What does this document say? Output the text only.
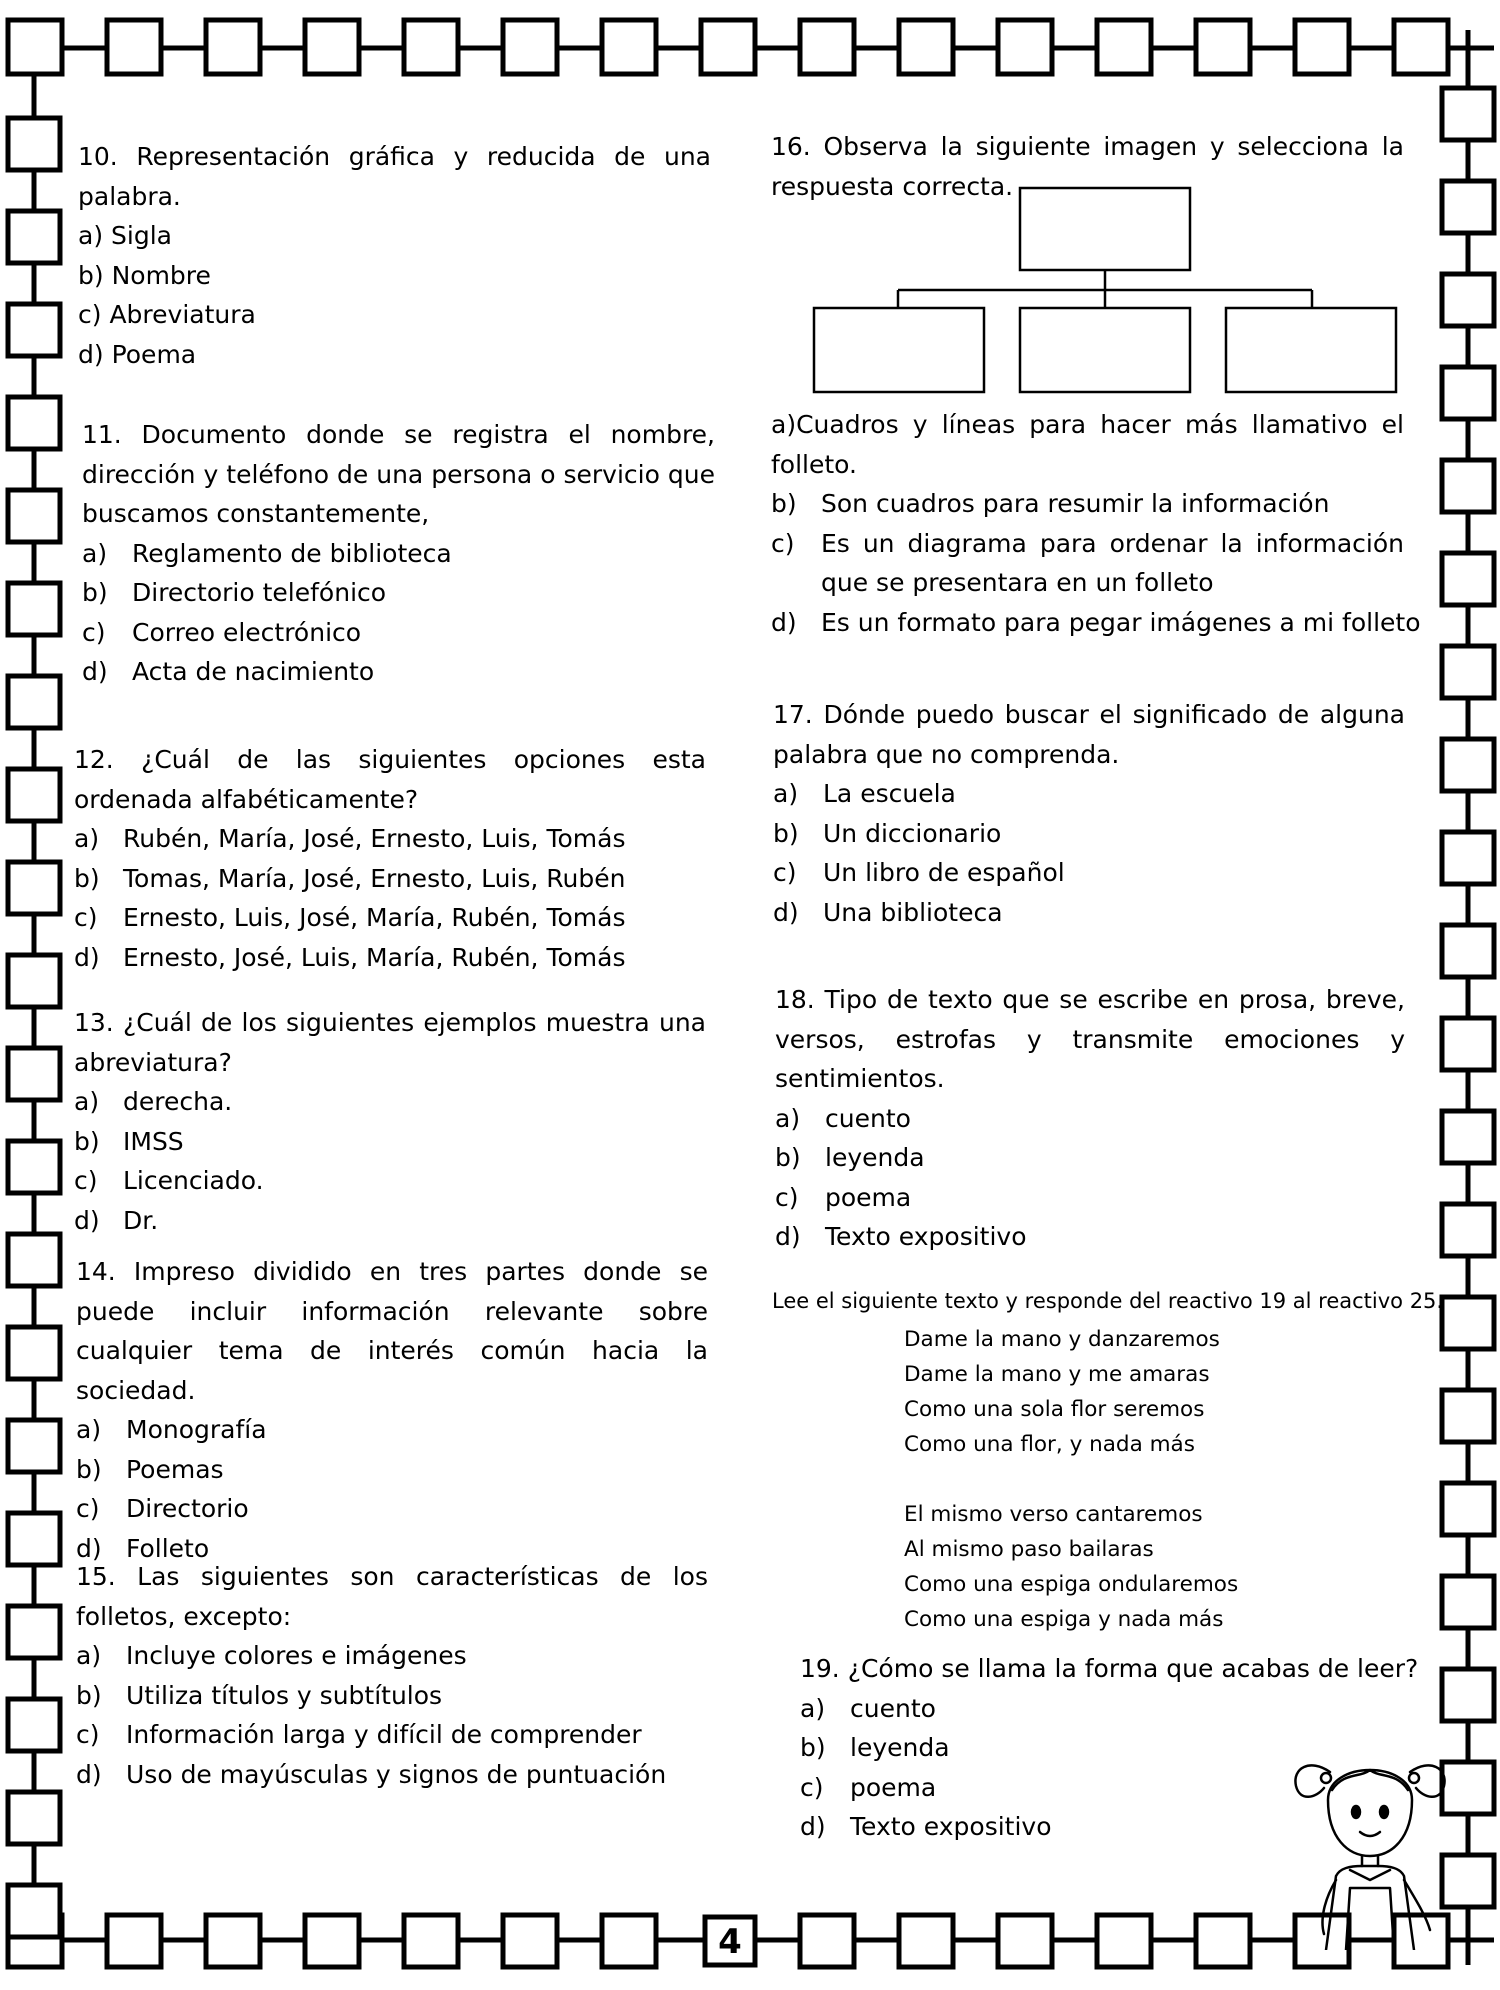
10. Representación gráfica y reducida de una palabra.
a) Sigla
b) Nombre
c) Abreviatura
d) Poema
11. Documento donde se registra el nombre, dirección y teléfono de una persona o servicio que buscamos constantemente,
a) Reglamento de biblioteca
b) Directorio telefónico
c) Correo electrónico
d) Acta de nacimiento
12. ¿Cuál de las siguientes opciones esta ordenada alfabéticamente?
a) Rubén, María, José, Ernesto, Luis, Tomás
b) Tomas, María, José, Ernesto, Luis, Rubén
c) Ernesto, Luis, José, María, Rubén, Tomás
d) Ernesto, José, Luis, María, Rubén, Tomás
13. ¿Cuál de los siguientes ejemplos muestra una abreviatura?
a) derecha.
b) IMSS
c) Licenciado.
d) Dr.
14. Impreso dividido en tres partes donde se puede incluir información relevante sobre cualquier tema de interés común hacia la sociedad.
a) Monografía
b) Poemas
c) Directorio
d) Folleto
15. Las siguientes son características de los folletos, excepto:
a) Incluye colores e imágenes
b) Utiliza títulos y subtítulos
c) Información larga y difícil de comprender
d) Uso de mayúsculas y signos de puntuación
16. Observa la siguiente imagen y selecciona la respuesta correcta.
a)Cuadros y líneas para hacer más llamativo el folleto.
b) Son cuadros para resumir la información
c)	Es un diagrama para ordenar la información que se presentara en un folleto
d) Es un formato para pegar imágenes a mi folleto
17. Dónde puedo buscar el significado de alguna palabra que no comprenda.
a) La escuela
b) Un diccionario
c) Un libro de español
d) Una biblioteca
18. Tipo de texto que se escribe en prosa, breve, versos, estrofas y transmite emociones y sentimientos.
a) cuento
b) leyenda
c) poema
d) Texto expositivo
Lee el siguiente texto y responde del reactivo 19 al reactivo 25.
Dame la mano y danzaremos
Dame la mano y me amaras
Como una sola flor seremos
Como una flor, y nada más
El mismo verso cantaremos
Al mismo paso bailaras
Como una espiga ondularemos
Como una espiga y nada más
19. ¿Cómo se llama la forma que acabas de leer?
a) cuento
b) leyenda
c) poema
d) Texto expositivo
4
